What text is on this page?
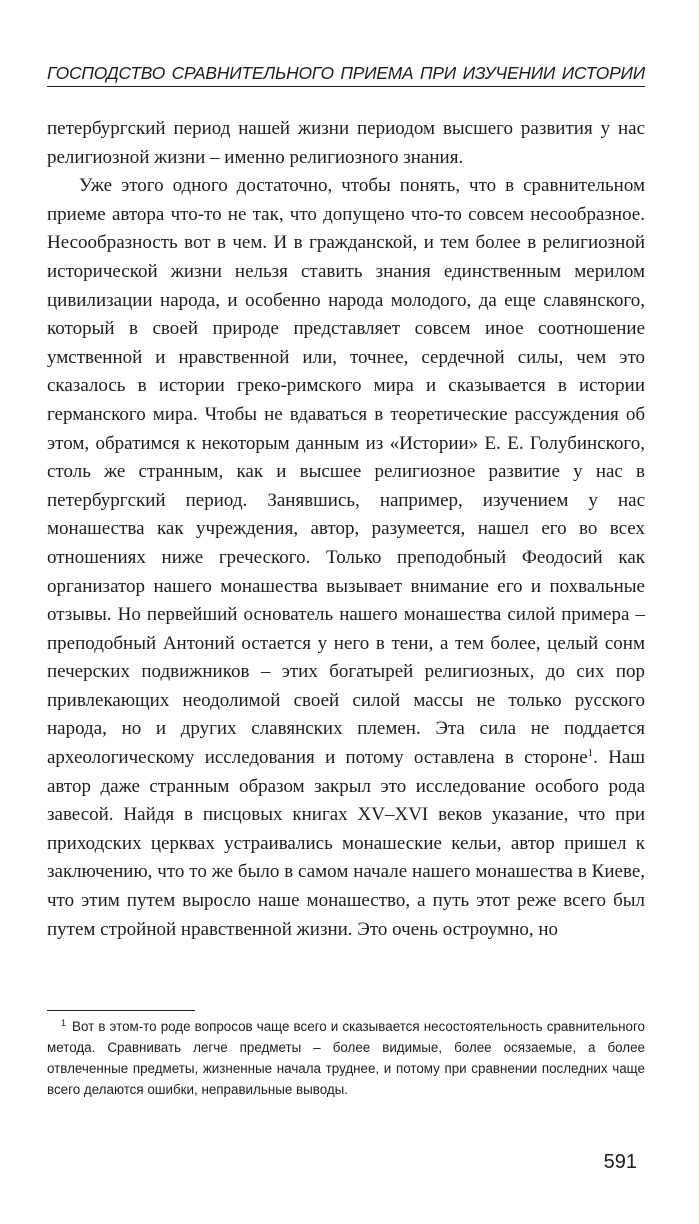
ГОСПОДСТВО СРАВНИТЕЛЬНОГО ПРИЕМА ПРИ ИЗУЧЕНИИ ИСТОРИИ

петербургский период нашей жизни периодом высшего развития у нас религиозной жизни – именно религиозного знания.

Уже этого одного достаточно, чтобы понять, что в сравнительном приеме автора что-то не так, что допущено что-то совсем несообразное. Несообразность вот в чем. И в гражданской, и тем более в религиозной исторической жизни нельзя ставить знания единственным мерилом цивилизации народа, и особенно народа молодого, да еще славянского, который в своей природе представляет совсем иное соотношение умственной и нравственной или, точнее, сердечной силы, чем это сказалось в истории греко-римского мира и сказывается в истории германского мира. Чтобы не вдаваться в теоретические рассуждения об этом, обратимся к некоторым данным из «Истории» Е. Е. Голубинского, столь же странным, как и высшее религиозное развитие у нас в петербургский период. Занявшись, например, изучением у нас монашества как учреждения, автор, разумеется, нашел его во всех отношениях ниже греческого. Только преподобный Феодосий как организатор нашего монашества вызывает внимание его и похвальные отзывы. Но первейший основатель нашего монашества силой примера – преподобный Антоний остается у него в тени, а тем более, целый сонм печерских подвижников – этих богатырей религиозных, до сих пор привлекающих неодолимой своей силой массы не только русского народа, но и других славянских племен. Эта сила не поддается археологическому исследования и потому оставлена в стороне$^1$. Наш автор даже странным образом закрыл это исследование особого рода завесой. Найдя в писцовых книгах XV–XVI веков указание, что при приходских церквах устраивались монашеские кельи, автор пришел к заключению, что то же было в самом начале нашего монашества в Киеве, что этим путем выросло наше монашество, а путь этот реже всего был путем стройной нравственной жизни. Это очень остроумно, но

$^1$ Вот в этом-то роде вопросов чаще всего и сказывается несостоятельность сравнительного метода. Сравнивать легче предметы – более видимые, более осязаемые, а более отвлеченные предметы, жизненные начала труднее, и потому при сравнении последних чаще всего делаются ошибки, неправильные выводы.
591
